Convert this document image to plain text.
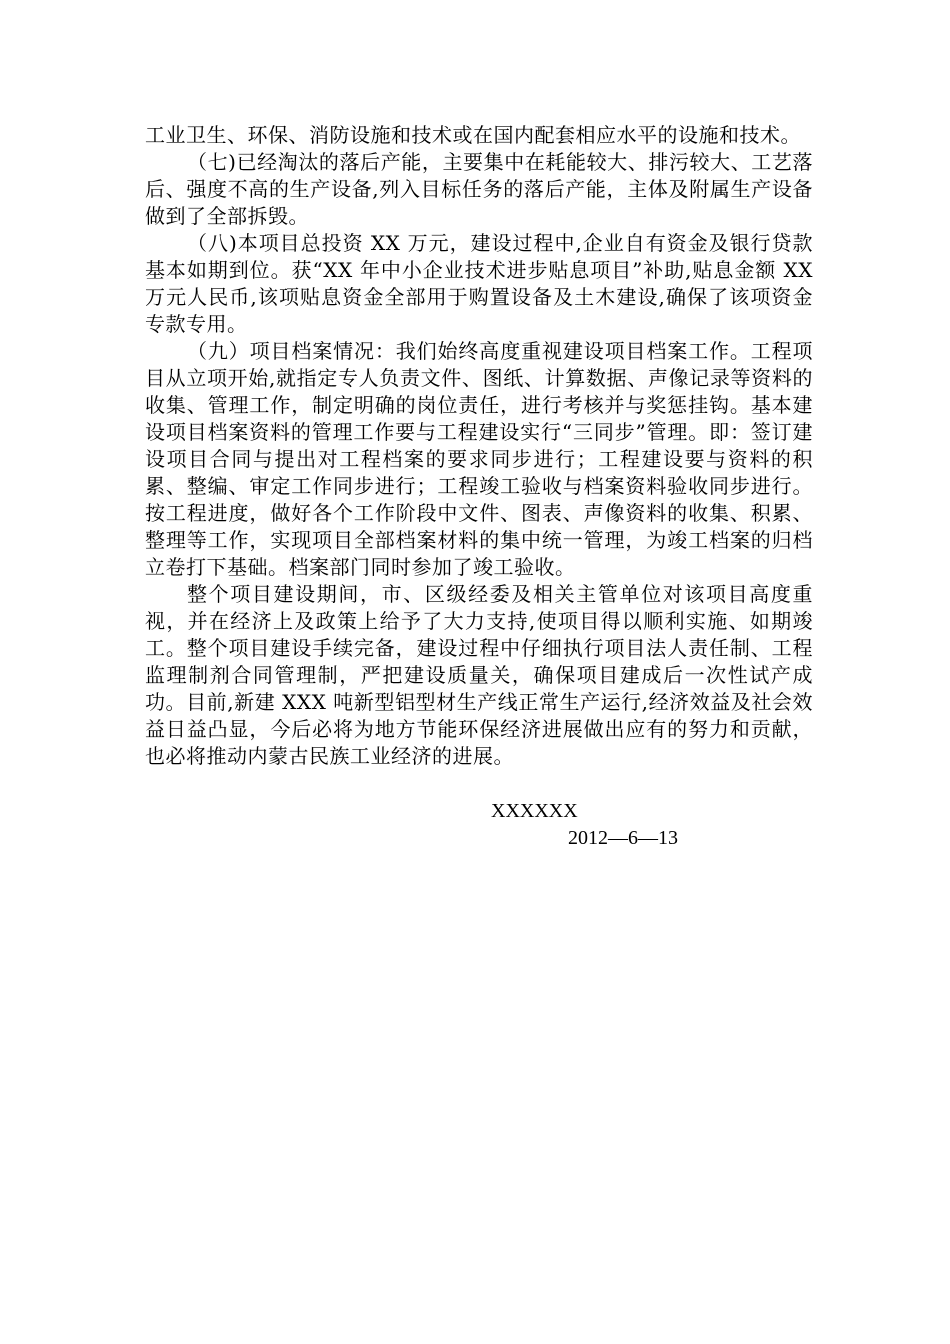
工业卫生、环保、消防设施和技术或在国内配套相应水平的设施和技术。

（七)已经淘汰的落后产能，主要集中在耗能较大、排污较大、工艺落后、强度不高的生产设备,列入目标任务的落后产能，主体及附属生产设备做到了全部拆毁。

（八)本项目总投资 XX 万元，建设过程中,企业自有资金及银行贷款基本如期到位。获“XX 年中小企业技术进步贴息项目”补助,贴息金额 XX 万元人民币,该项贴息资金全部用于购置设备及土木建设,确保了该项资金专款专用。

（九）项目档案情况：我们始终高度重视建设项目档案工作。工程项目从立项开始,就指定专人负责文件、图纸、计算数据、声像记录等资料的收集、管理工作，制定明确的岗位责任，进行考核并与奖惩挂钩。基本建设项目档案资料的管理工作要与工程建设实行“三同步”管理。即：签订建设项目合同与提出对工程档案的要求同步进行；工程建设要与资料的积累、整编、审定工作同步进行；工程竣工验收与档案资料验收同步进行。按工程进度，做好各个工作阶段中文件、图表、声像资料的收集、积累、整理等工作，实现项目全部档案材料的集中统一管理，为竣工档案的归档立卷打下基础。档案部门同时参加了竣工验收。

整个项目建设期间，市、区级经委及相关主管单位对该项目高度重视，并在经济上及政策上给予了大力支持,使项目得以顺利实施、如期竣工。整个项目建设手续完备，建设过程中仔细执行项目法人责任制、工程监理制剂合同管理制，严把建设质量关，确保项目建成后一次性试产成功。目前,新建 XXX 吨新型铝型材生产线正常生产运行,经济效益及社会效益日益凸显，今后必将为地方节能环保经济进展做出应有的努力和贡献，也必将推动内蒙古民族工业经济的进展。

XXXXXX
2012—6—13
